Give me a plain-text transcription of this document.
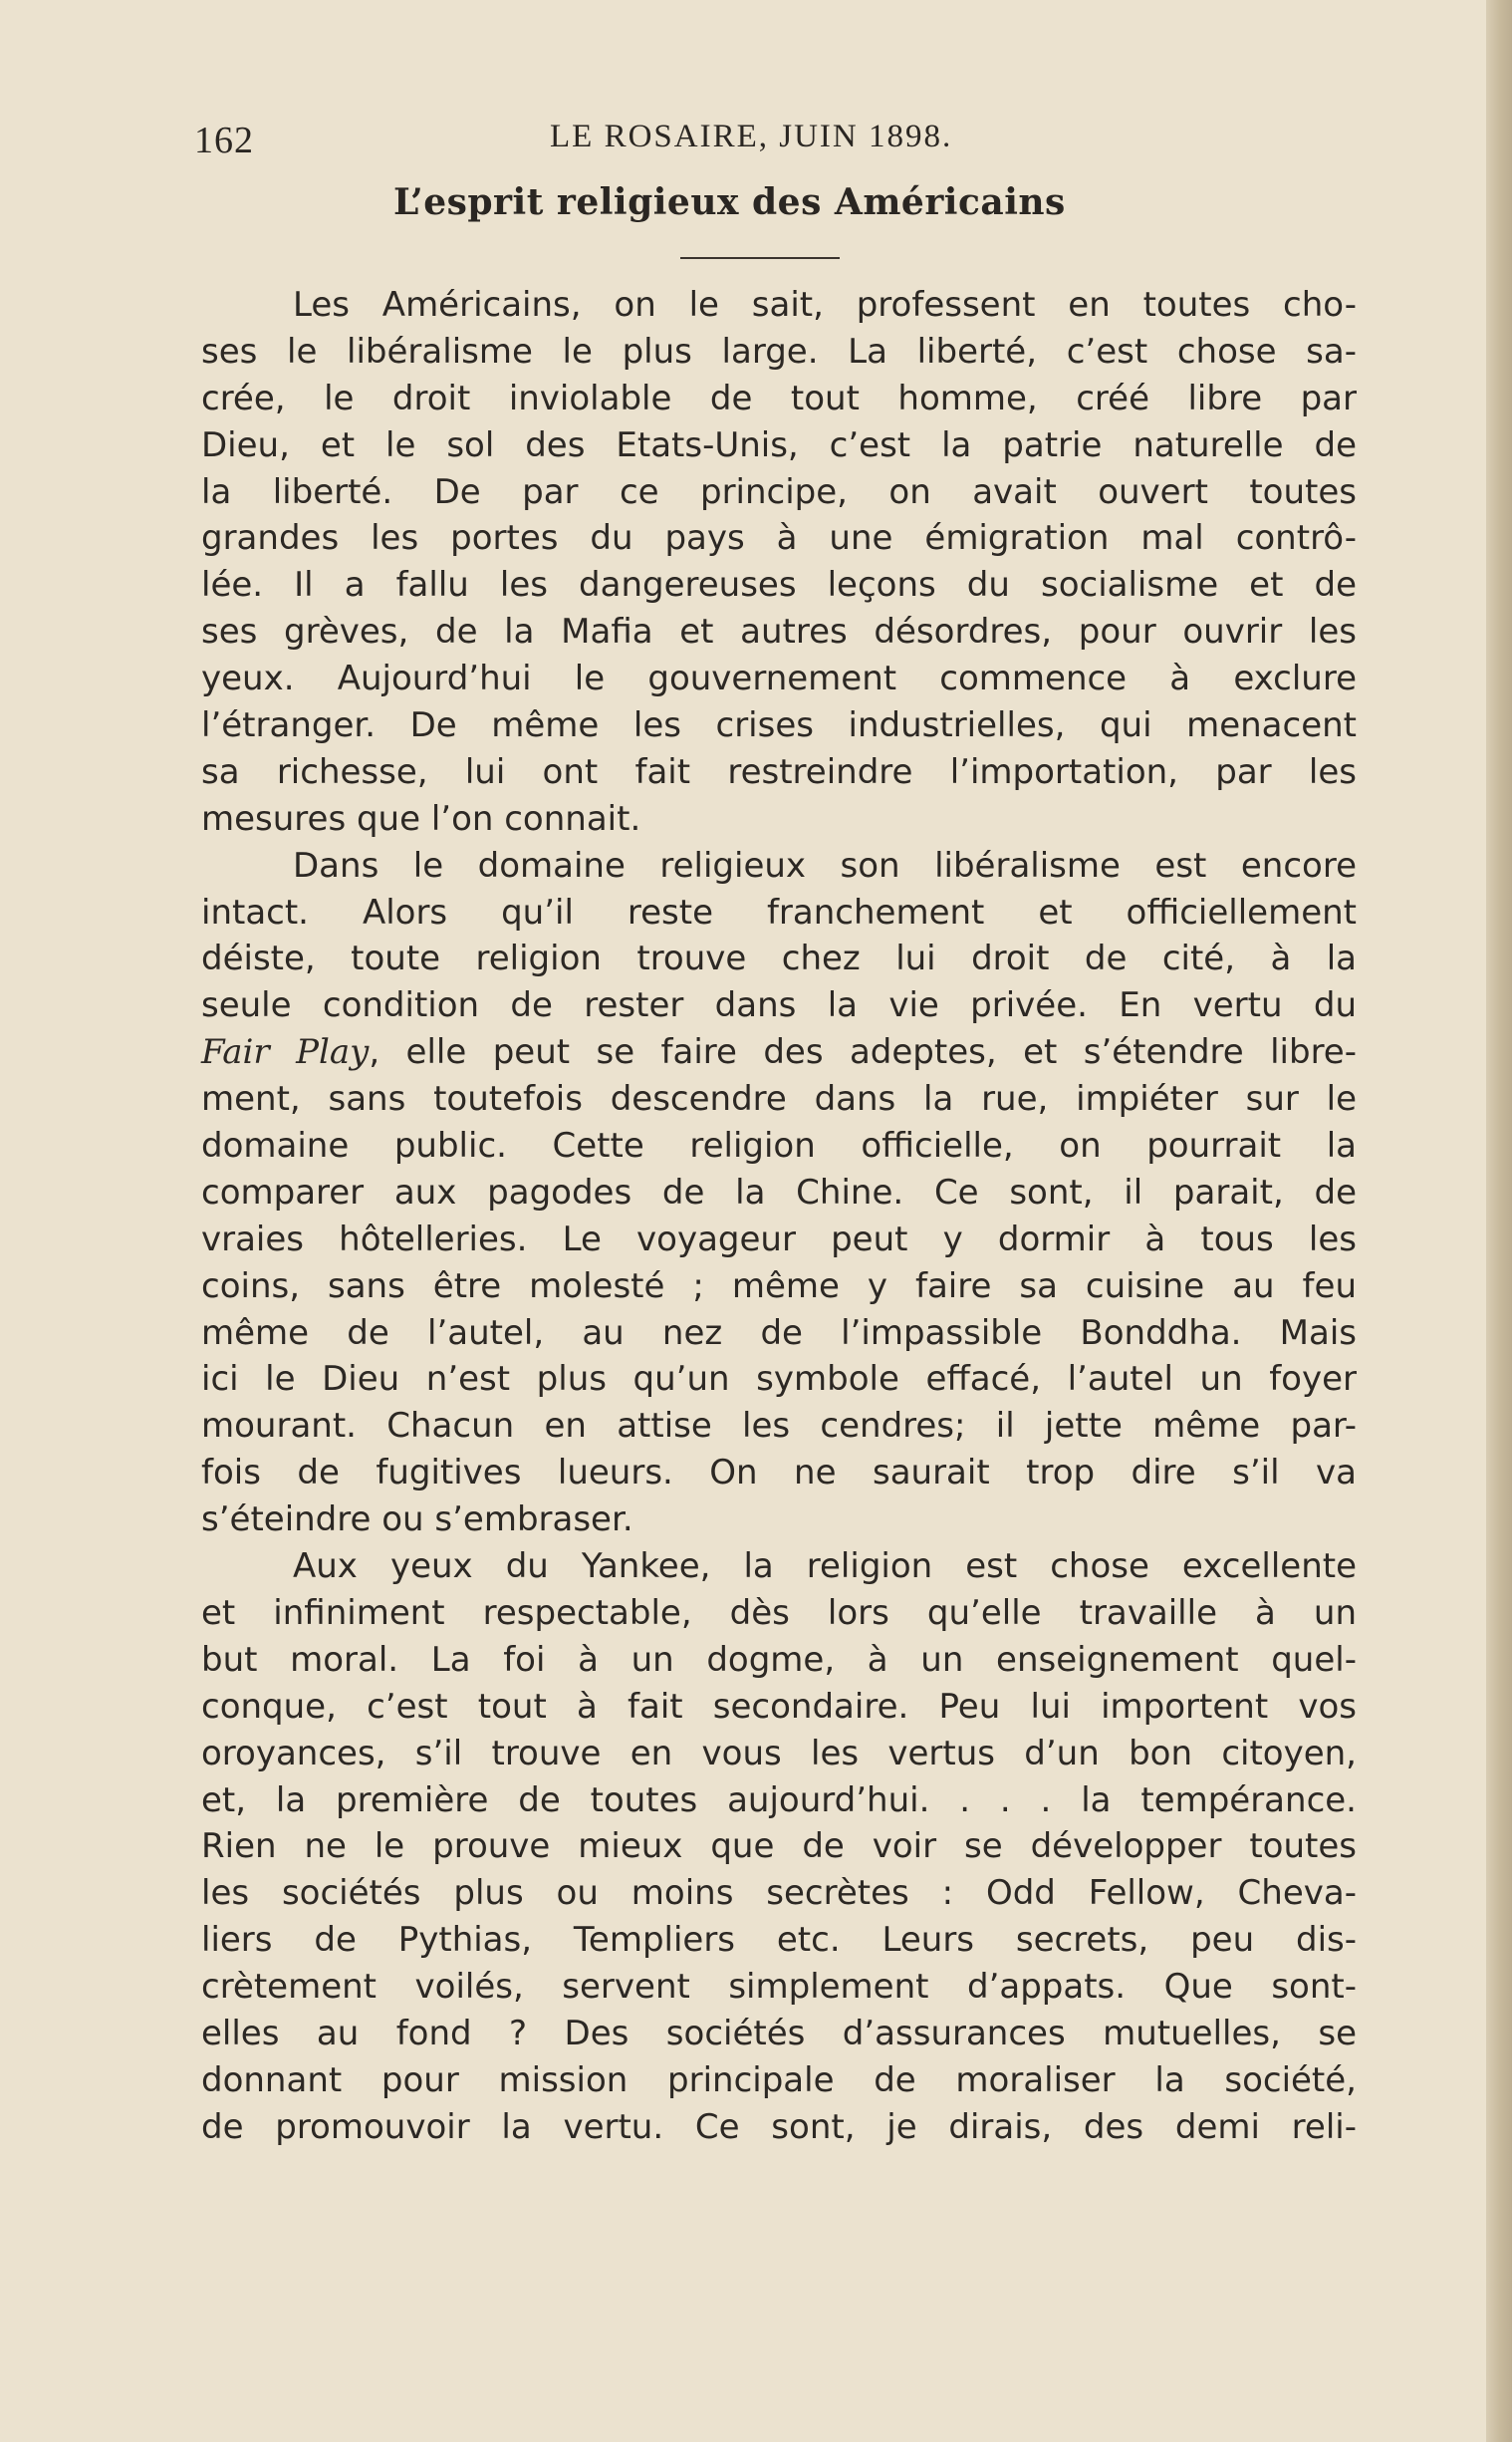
162	LE ROSAIRE, JUIN 1898.
L’esprit religieux des Américains
Les Américains, on le sait, professent en toutes cho-
ses le libéralisme le plus large. La liberté, c’est chose sa-
crée, le droit inviolable de tout homme, créé libre par
Dieu, et le sol des Etats-Unis, c’est la patrie naturelle de
la liberté. De par ce principe, on avait ouvert toutes
grandes les portes du pays à une émigration mal contrô-
lée. Il a fallu les dangereuses leçons du socialisme et de
ses grèves, de la Mafia et autres désordres, pour ouvrir les
yeux. Aujourd’hui le gouvernement commence à exclure
l’étranger. De même les crises industrielles, qui menacent
sa richesse, lui ont fait restreindre l’importation, par les
mesures que l’on connait.
Dans le domaine religieux son libéralisme est encore
intact. Alors qu’il reste franchement et officiellement
déiste, toute religion trouve chez lui droit de cité, à la
seule condition de rester dans la vie privée. En vertu du
Fair Play, elle peut se faire des adeptes, et s’étendre libre-
ment, sans toutefois descendre dans la rue, impiéter sur le
domaine public. Cette religion officielle, on pourrait la
comparer aux pagodes de la Chine. Ce sont, il parait, de
vraies hôtelleries. Le voyageur peut y dormir à tous les
coins, sans être molesté ; même y faire sa cuisine au feu
même de l’autel, au nez de l’impassible Bonddha. Mais
ici le Dieu n’est plus qu’un symbole effacé, l’autel un foyer
mourant. Chacun en attise les cendres; il jette même par-
fois de fugitives lueurs. On ne saurait trop dire s’il va
s’éteindre ou s’embraser.
Aux yeux du Yankee, la religion est chose excellente
et infiniment respectable, dès lors qu’elle travaille à un
but moral. La foi à un dogme, à un enseignement quel-
conque, c’est tout à fait secondaire. Peu lui importent vos
oroyances, s’il trouve en vous les vertus d’un bon citoyen,
et, la première de toutes aujourd’hui. . . . la tempérance.
Rien ne le prouve mieux que de voir se développer toutes
les sociétés plus ou moins secrètes : Odd Fellow, Cheva-
liers de Pythias, Templiers etc. Leurs secrets, peu dis-
crètement voilés, servent simplement d’appats. Que sont-
elles au fond ? Des sociétés d’assurances mutuelles, se
donnant pour mission principale de moraliser la société,
de promouvoir la vertu. Ce sont, je dirais, des demi reli-
